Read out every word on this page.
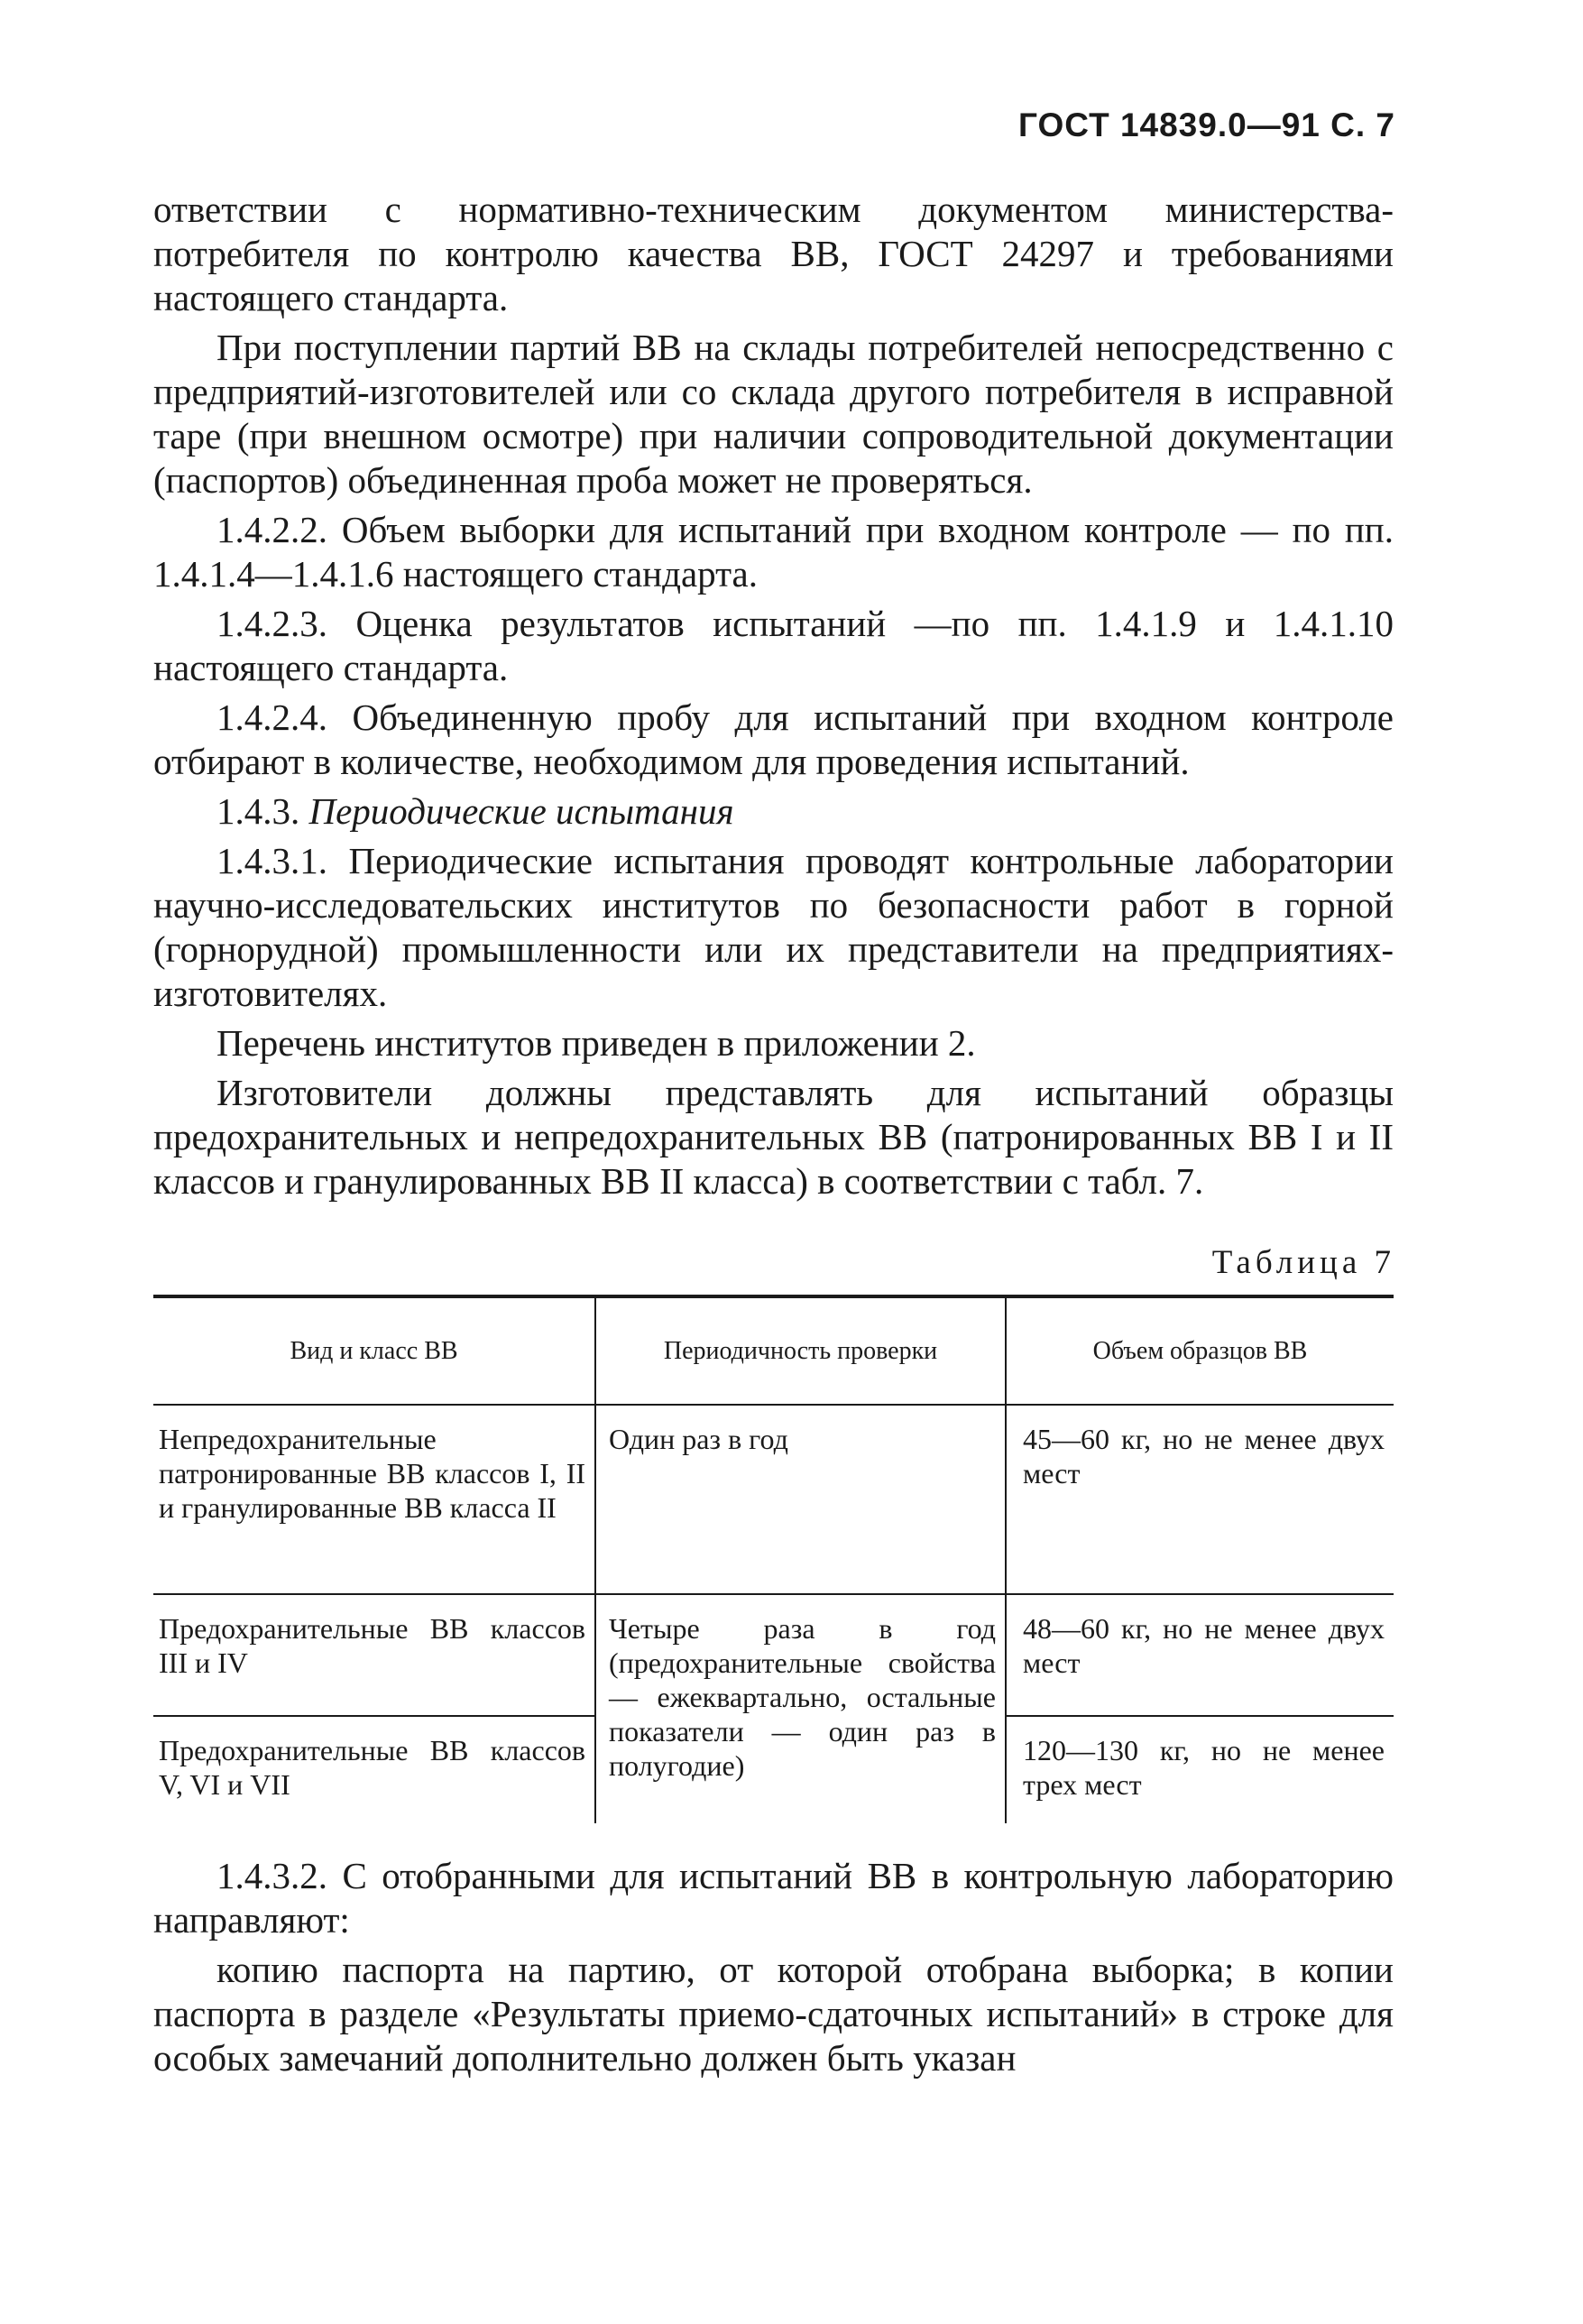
ГОСТ 14839.0—91 С. 7

ответствии с нормативно-техническим документом министерства-потребителя по контролю качества ВВ, ГОСТ 24297 и требованиями настоящего стандарта.

При поступлении партий ВВ на склады потребителей непосредственно с предприятий-изготовителей или со склада другого потребителя в исправной таре (при внешном осмотре) при наличии сопроводительной документации (паспортов) объединенная проба может не проверяться.

1.4.2.2. Объем выборки для испытаний при входном контроле — по пп. 1.4.1.4—1.4.1.6 настоящего стандарта.

1.4.2.3. Оценка результатов испытаний —по пп. 1.4.1.9 и 1.4.1.10 настоящего стандарта.

1.4.2.4. Объединенную пробу для испытаний при входном контроле отбирают в количестве, необходимом для проведения испытаний.

1.4.3. Периодические испытания

1.4.3.1. Периодические испытания проводят контрольные лаборатории научно-исследовательских институтов по безопасности работ в горной (горнорудной) промышленности или их представители на предприятиях-изготовителях.

Перечень институтов приведен в приложении 2.

Изготовители должны представлять для испытаний образцы предохранительных и непредохранительных ВВ (патронированных ВВ I и II классов и гранулированных ВВ II класса) в соответствии с табл. 7.

Таблица 7
Вид и класс ВВ	Периодичность проверки	Объем образцов ВВ
Непредохранительные патронированные ВВ классов I, II и гранулированные ВВ класса II	Один раз в год	45—60 кг, но не менее двух мест
Предохранительные ВВ классов III и IV	Четыре раза в год (предохранительные свойства — ежеквартально, остальные показатели — один раз в полугодие)	48—60 кг, но не менее двух мест
Предохранительные ВВ классов V, VI и VII		120—130 кг, но не менее трех мест

1.4.3.2. С отобранными для испытаний ВВ в контрольную лабораторию направляют:

копию паспорта на партию, от которой отобрана выборка; в копии паспорта в разделе «Результаты приемо-сдаточных испытаний» в строке для особых замечаний дополнительно должен быть указан
